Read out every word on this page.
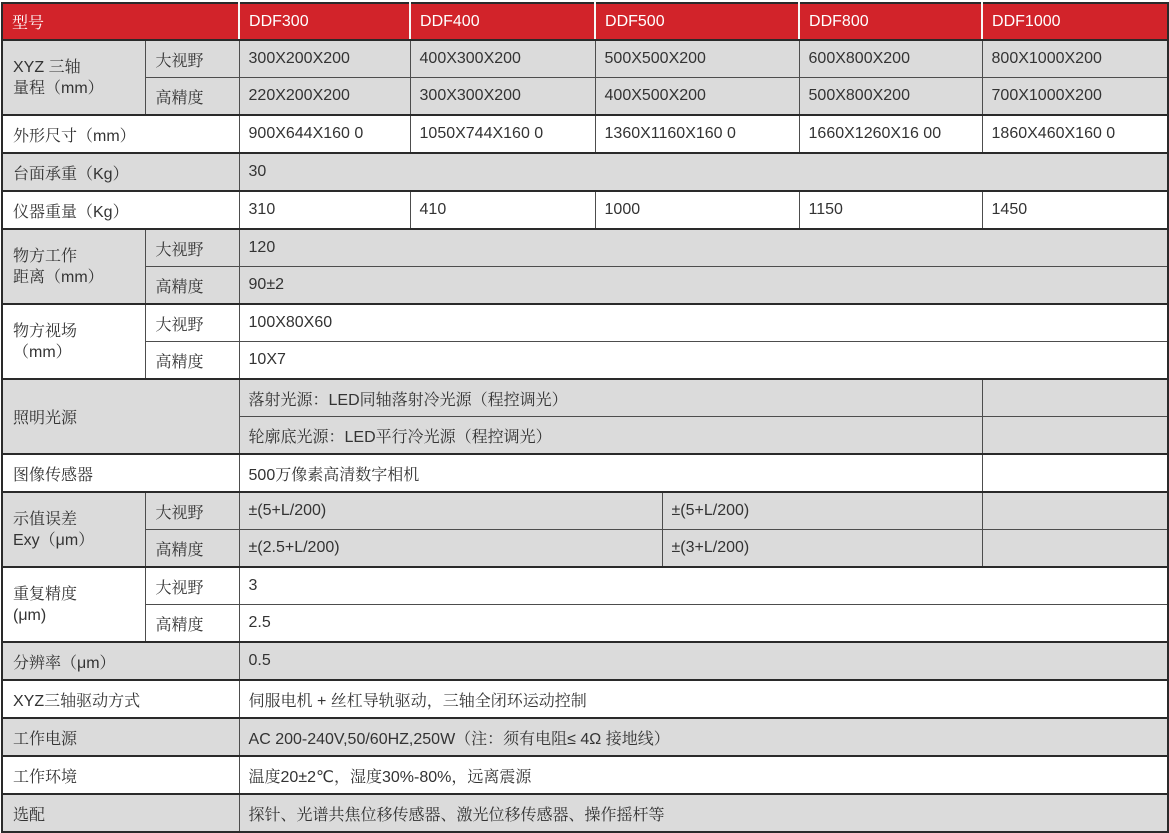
型号		DDF300	DDF400	DDF500		DDF800	DDF1000

XYZ 三轴
量程（mm）	大视野	300X200X200	400X300X200	500X500X200		600X800X200	800X1000X200
	高精度	220X200X200	300X300X200	400X500X200		500X800X200	700X1000X200
外形尺寸（mm）		900X644X160 0	1050X744X160 0	1360X1160X160 0		1660X1260X16 00	1860X460X160 0
台面承重（Kg）		30					
仪器重量（Kg）		310	410	1000		1150	1450

物方工作
距离（mm）	大视野	120					
	高精度	90±2					

物方视场
（mm）	大视野	100X80X60					
	高精度	10X7					
照明光源		落射光源：LED同轴落射冷光源（程控调光）					
		轮廓底光源：LED平行冷光源（程控调光）					
图像传感器		500万像素高清数字相机					

示值误差
Exy（μm）	大视野	±(5+L/200)			±(5+L/200)		
	高精度	±(2.5+L/200)			±(3+L/200)		

重复精度
(μm)	大视野	3					
	高精度	2.5					
分辨率（μm）		0.5					
XYZ三轴驱动方式		伺服电机 + 丝杠导轨驱动，三轴全闭环运动控制					
工作电源		AC 200-240V,50/60HZ,250W（注：须有电阻≤ 4Ω 接地线）					
工作环境		温度20±2℃，湿度30%-80%，远离震源					
选配		探针、光谱共焦位移传感器、激光位移传感器、操作摇杆等					
